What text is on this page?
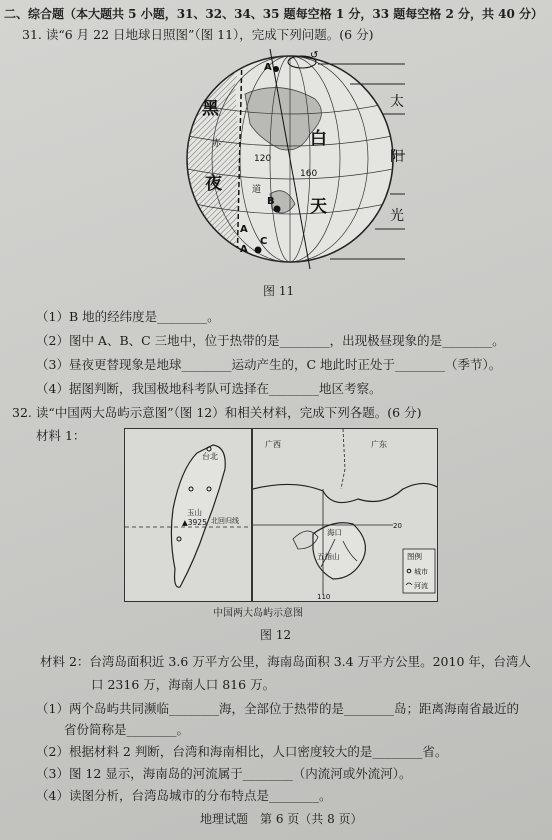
二、综合题（本大题共 5 小题，31、32、34、35 题每空格 1 分，33 题每空格 2 分，共 40 分）
31. 读“6 月 22 日地球日照图”（图 11），完成下列问题。(6 分)
↺
太
阳
光
黑
夜
白
天
120
160
赤
道
A
A
A
B
C
图 11
（1）B 地的经纬度是________。
（2）图中 A、B、C 三地中，位于热带的是________，出现极昼现象的是________。
（3）昼夜更替现象是地球________运动产生的，C 地此时正处于________（季节）。
（4）据图判断，我国极地科考队可选择在________地区考察。
32. 读“中国两大岛屿示意图”（图 12）和相关材料，完成下列各题。(6 分)
材料 1：
台北
玉山
▲3925 北回归线
广西	广东
海口
五指山
20
110
图例
城市
河流
中国两大岛屿示意图
图 12
材料 2：台湾岛面积近 3.6 万平方公里，海南岛面积 3.4 万平方公里。2010 年，台湾人
口 2316 万，海南人口 816 万。
（1）两个岛屿共同濒临________海，全部位于热带的是________岛；距离海南省最近的
省份简称是________。
（2）根据材料 2 判断，台湾和海南相比，人口密度较大的是________省。
（3）图 12 显示，海南岛的河流属于________（内流河或外流河）。
（4）读图分析，台湾岛城市的分布特点是________。
地理试题　第 6 页（共 8 页）
